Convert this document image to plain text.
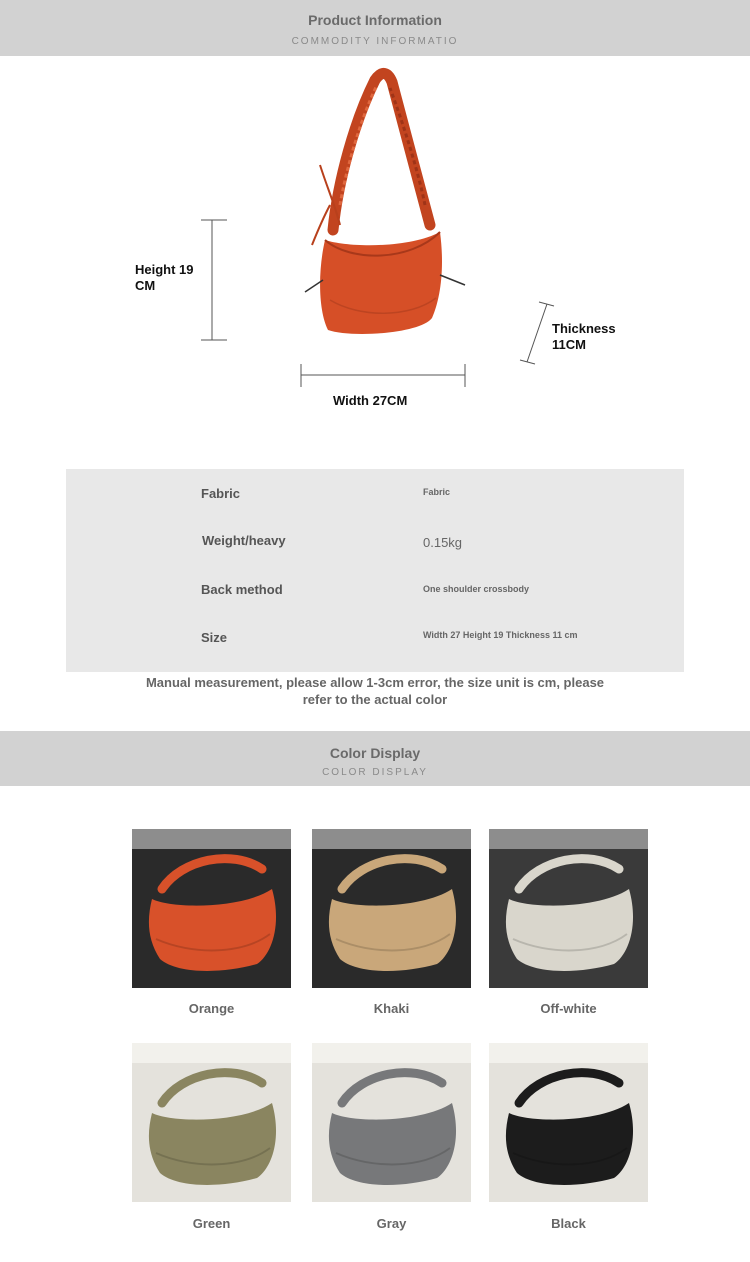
Product Information
COMMODITY INFORMATIO
Height 19 CM
Width 27CM
Thickness 11CM
Fabric	Fabric
Weight/heavy	0.15kg
Back method	One shoulder crossbody
Size	Width 27 Height 19 Thickness 11 cm
Manual measurement, please allow 1-3cm error, the size unit is cm, please refer to the actual color
Color Display
COLOR DISPLAY
Orange	Khaki	Off-white
Green	Gray	Black
